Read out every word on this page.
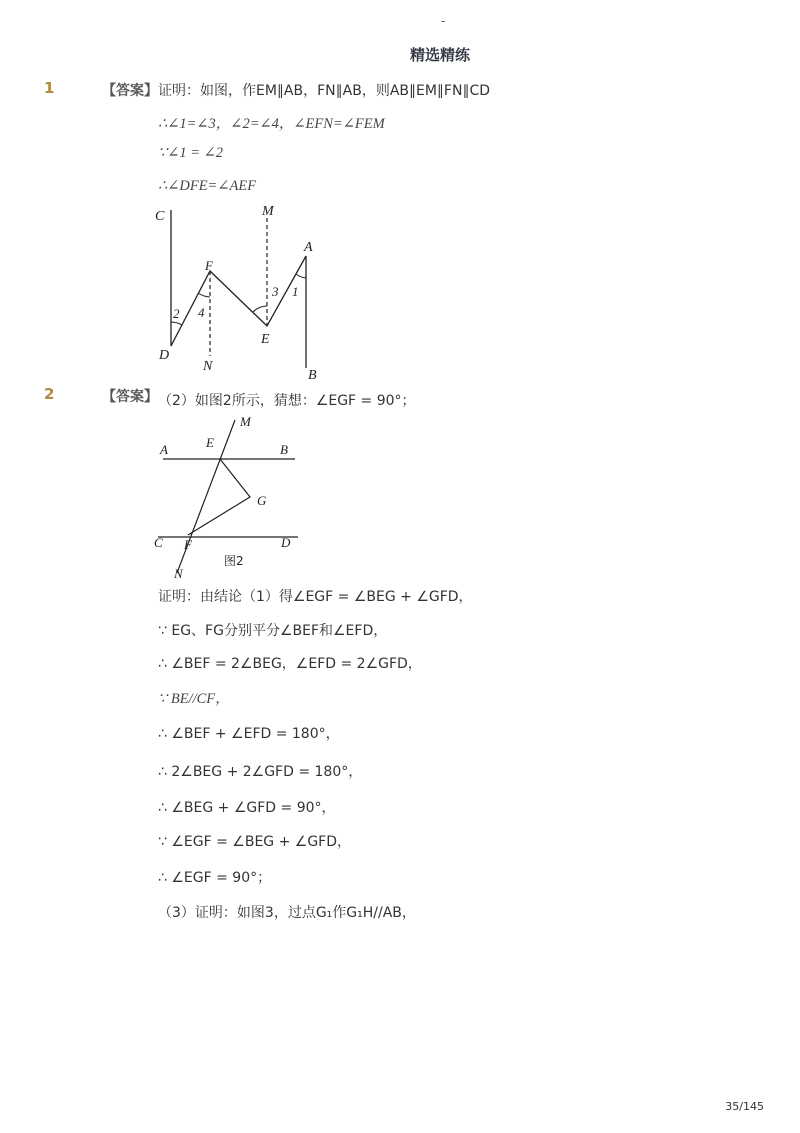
-
精选精练
1	【答案】 证明：如图，作EM∥AB，FN∥AB，则AB∥EM∥FN∥CD
∴∠1=∠3，∠2=∠4，∠EFN=∠FEM
∵∠1 = ∠2
∴∠DFE=∠AEF
C
D
F
N
M
E
A
B
1
2
3
4
2	【答案】 （2）如图2所示，猜想：∠EGF = 90°；
A	E
M
B
G
C F	D
N
图2
证明：由结论（1）得∠EGF = ∠BEG + ∠GFD，
∵ EG、FG分别平分∠BEF和∠EFD，
∴ ∠BEF = 2∠BEG，∠EFD = 2∠GFD，
∵ BE//CF，
∴ ∠BEF + ∠EFD = 180°，
∴ 2∠BEG + 2∠GFD = 180°，
∴ ∠BEG + ∠GFD = 90°，
∵ ∠EGF = ∠BEG + ∠GFD，
∴ ∠EGF = 90°；
（3）证明：如图3，过点G₁作G₁H//AB，
35/145
